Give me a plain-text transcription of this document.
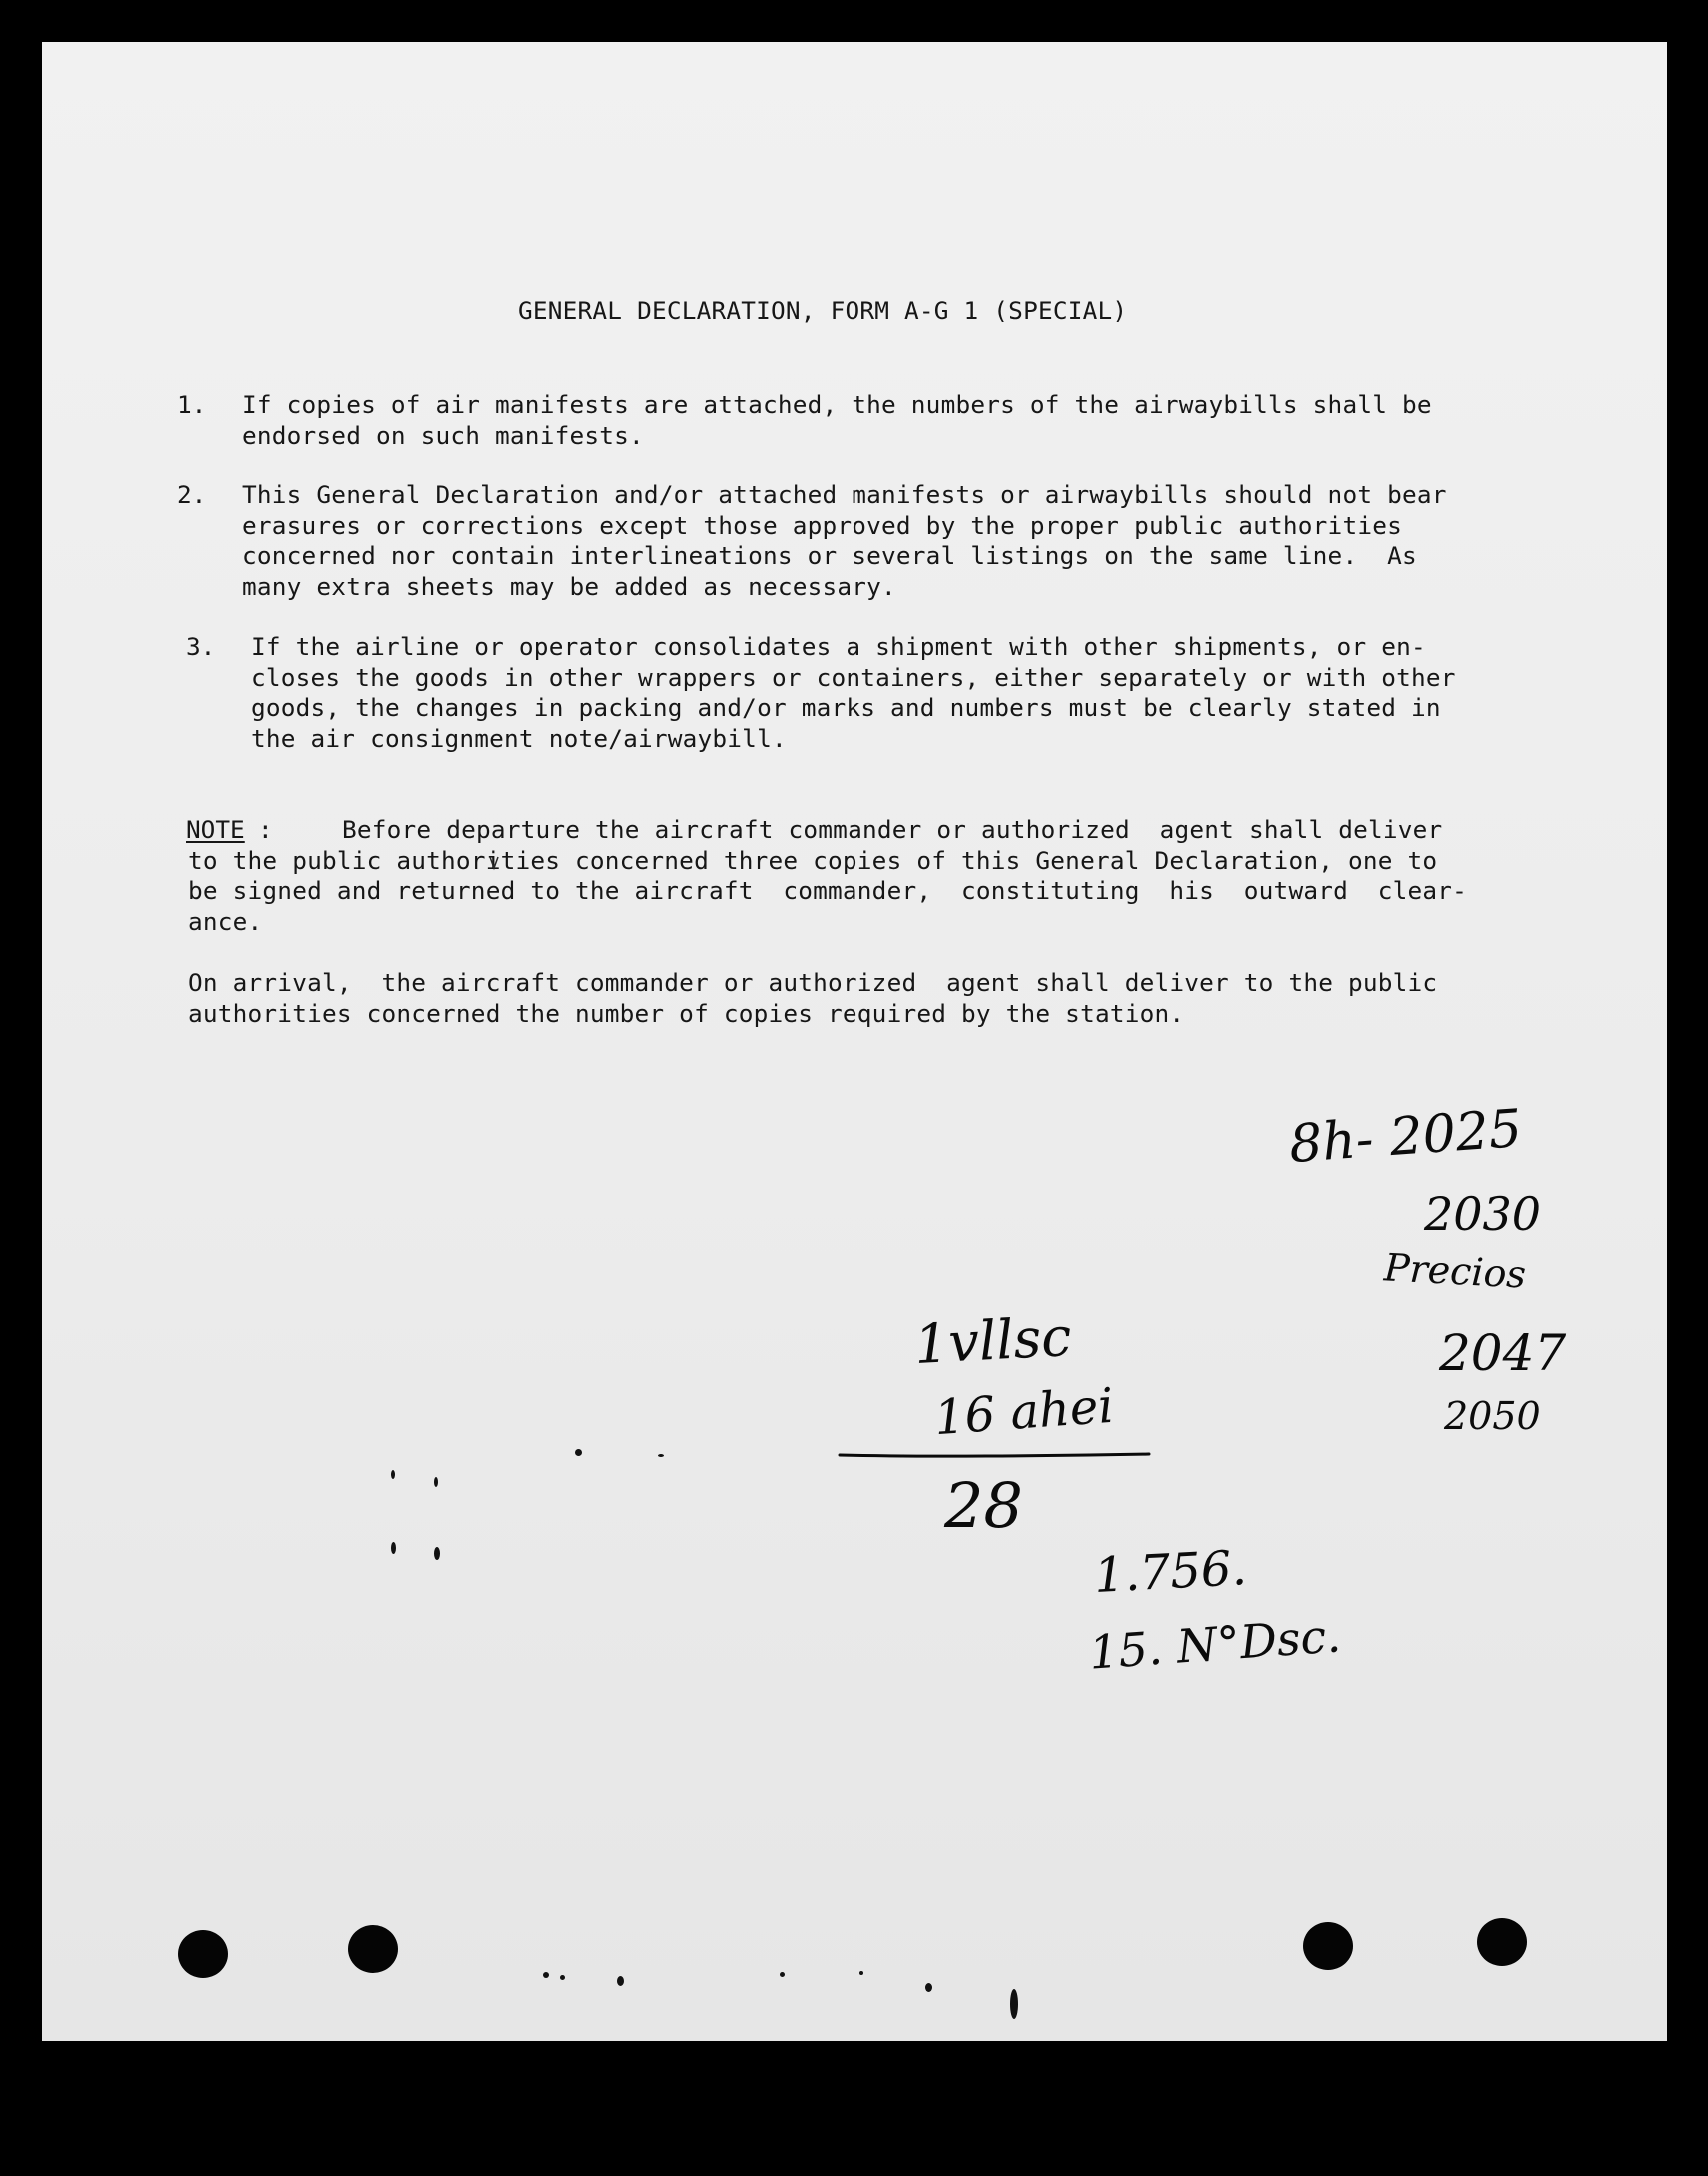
GENERAL DECLARATION, FORM A-G 1 (SPECIAL)
1. If copies of air manifests are attached, the numbers of the airwaybills shall be
endorsed on such manifests.
2. This General Declaration and/or attached manifests or airwaybills should not bear
erasures or corrections except those approved by the proper public authorities
concerned nor contain interlineations or several listings on the same line.  As
many extra sheets may be added as necessary.
3. If the airline or operator consolidates a shipment with other shipments, or en-
closes the goods in other wrappers or containers, either separately or with other
goods, the changes in packing and/or marks and numbers must be clearly stated in
the air consignment note/airwaybill.
NOTE :	Before departure the aircraft commander or authorized  agent shall deliver
to the public authorities concerned three copies of this General Declaration, one to
be signed and returned to the aircraft  commander,  constituting  his  outward  clear-
ance.
On arrival,  the aircraft commander or authorized  agent shall deliver to the public
authorities concerned the number of copies required by the station.
8h- 2025
2030
Precios
2047
2050
1vllsc
16 ahei
28
1.756.
15. N°Dsc.
